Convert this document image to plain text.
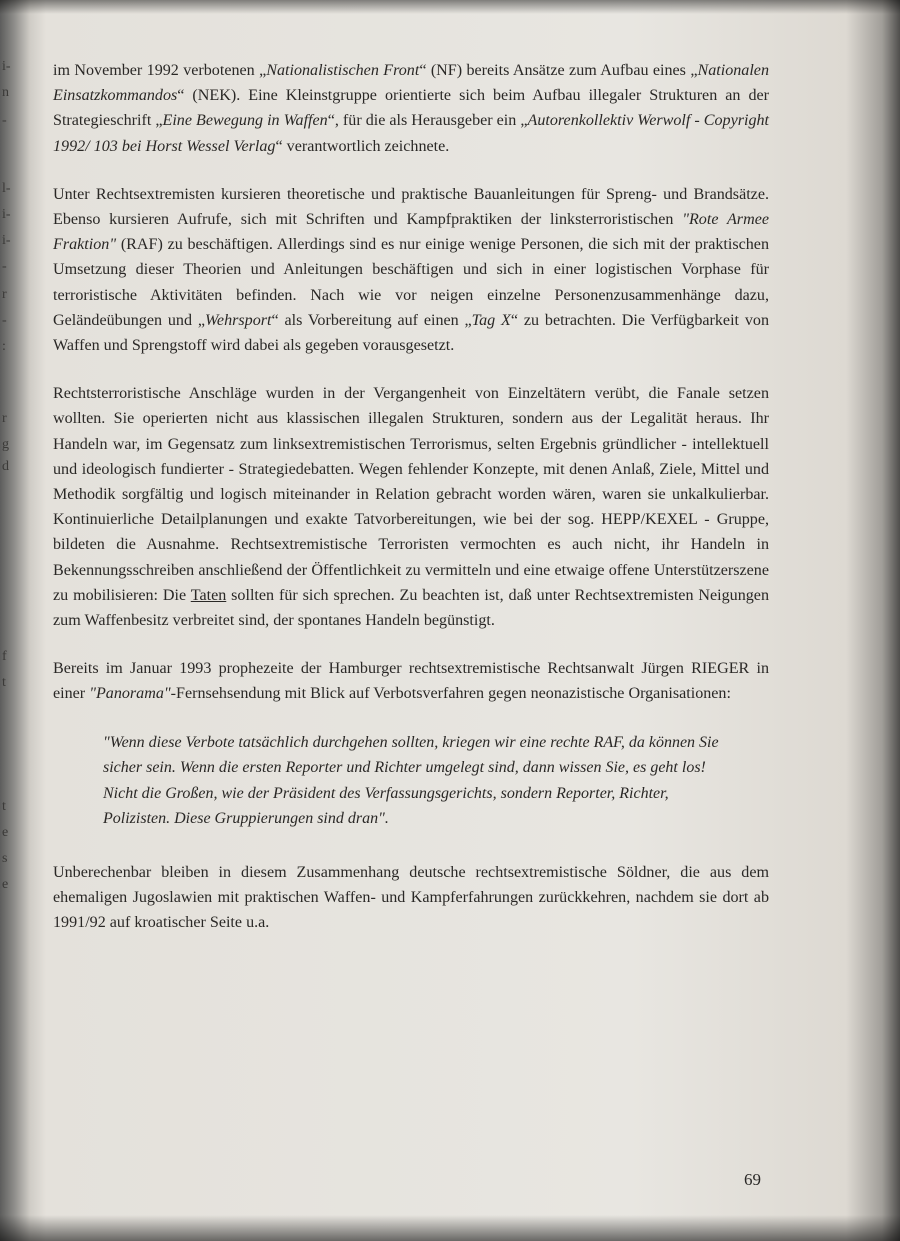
i-
n
-
l-
i-
i-
-
r
-
:
r
g
d
f
t
t
e
s
e

im November 1992 verbotenen „Nationalistischen Front“ (NF) bereits Ansätze zum Aufbau eines „Nationalen Einsatzkommandos“ (NEK). Eine Kleinstgruppe orientierte sich beim Aufbau illegaler Strukturen an der Strategieschrift „Eine Bewegung in Waffen“, für die als Herausgeber ein „Autorenkollektiv Werwolf - Copyright 1992/ 103 bei Horst Wessel Verlag“ verantwortlich zeichnete.

Unter Rechtsextremisten kursieren theoretische und praktische Bauanleitungen für Spreng- und Brandsätze. Ebenso kursieren Aufrufe, sich mit Schriften und Kampfpraktiken der linksterroristischen "Rote Armee Fraktion" (RAF) zu beschäftigen. Allerdings sind es nur einige wenige Personen, die sich mit der praktischen Umsetzung dieser Theorien und Anleitungen beschäftigen und sich in einer logistischen Vorphase für terroristische Aktivitäten befinden. Nach wie vor neigen einzelne Personenzusammenhänge dazu, Geländeübungen und „Wehrsport“ als Vorbereitung auf einen „Tag X“ zu betrachten. Die Verfügbarkeit von Waffen und Sprengstoff wird dabei als gegeben vorausgesetzt.

Rechtsterroristische Anschläge wurden in der Vergangenheit von Einzeltätern verübt, die Fanale setzen wollten. Sie operierten nicht aus klassischen illegalen Strukturen, sondern aus der Legalität heraus. Ihr Handeln war, im Gegensatz zum linksextremistischen Terrorismus, selten Ergebnis gründlicher - intellektuell und ideologisch fundierter - Strategiedebatten. Wegen fehlender Konzepte, mit denen Anlaß, Ziele, Mittel und Methodik sorgfältig und logisch miteinander in Relation gebracht worden wären, waren sie unkalkulierbar. Kontinuierliche Detailplanungen und exakte Tatvorbereitungen, wie bei der sog. HEPP/KEXEL - Gruppe, bildeten die Ausnahme. Rechtsextremistische Terroristen vermochten es auch nicht, ihr Handeln in Bekennungsschreiben anschließend der Öffentlichkeit zu vermitteln und eine etwaige offene Unterstützerszene zu mobilisieren: Die Taten sollten für sich sprechen. Zu beachten ist, daß unter Rechtsextremisten Neigungen zum Waffenbesitz verbreitet sind, der spontanes Handeln begünstigt.

Bereits im Januar 1993 prophezeite der Hamburger rechtsextremistische Rechtsanwalt Jürgen RIEGER in einer "Panorama"-Fernsehsendung mit Blick auf Verbotsverfahren gegen neonazistische Organisationen:

"Wenn diese Verbote tatsächlich durchgehen sollten, kriegen wir eine rechte RAF, da können Sie sicher sein. Wenn die ersten Reporter und Richter umgelegt sind, dann wissen Sie, es geht los! Nicht die Großen, wie der Präsident des Verfassungsgerichts, sondern Reporter, Richter, Polizisten. Diese Gruppierungen sind dran".

Unberechenbar bleiben in diesem Zusammenhang deutsche rechtsextremistische Söldner, die aus dem ehemaligen Jugoslawien mit praktischen Waffen- und Kampferfahrungen zurückkehren, nachdem sie dort ab 1991/92 auf kroatischer Seite u.a.

69
